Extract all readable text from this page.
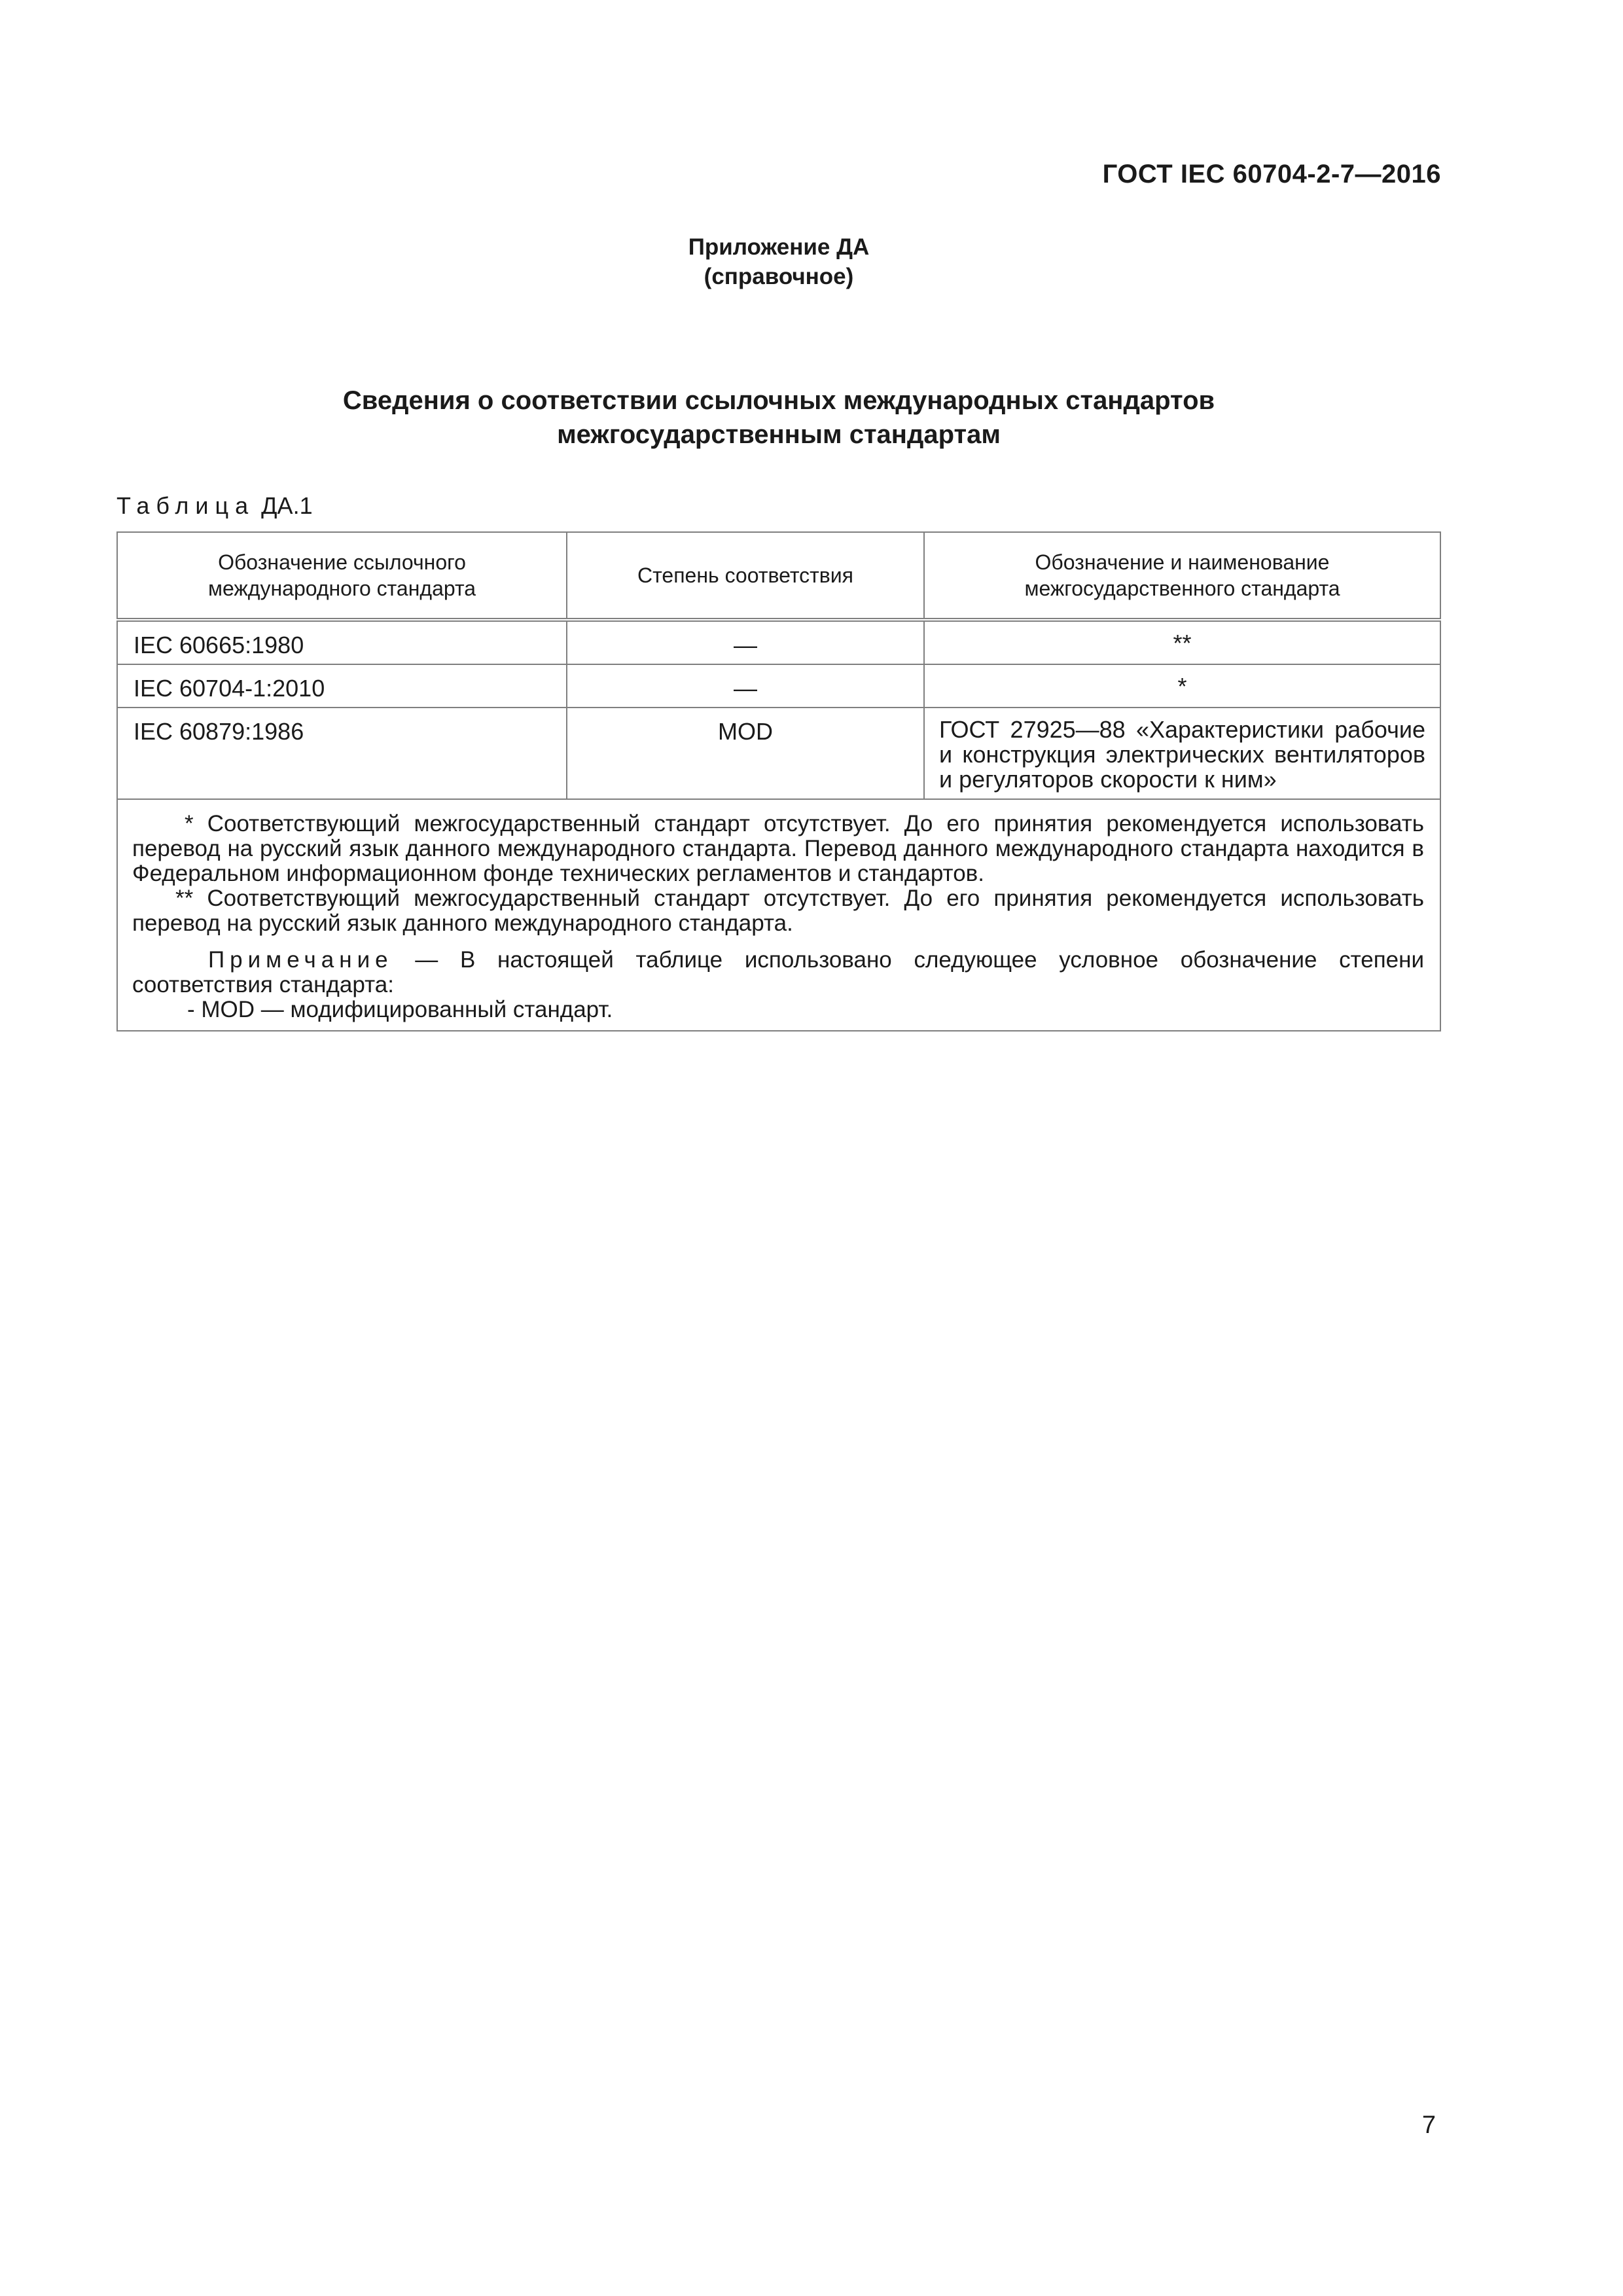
ГОСТ IEC 60704-2-7—2016
Приложение ДА
(справочное)
Сведения о соответствии ссылочных международных стандартов
межгосударственным стандартам
Таблица ДА.1
Обозначение ссылочного международного стандарта	Степень соответствия	Обозначение и наименование межгосударственного стандарта

IEC 60665:1980	—	**
IEC 60704-1:2010	—	*
IEC 60879:1986	MOD	ГОСТ 27925—88 «Характеристики рабочие и конструкция электрических вентиляторов и регуляторов скорости к ним»

* Соответствующий межгосударственный стандарт отсутствует. До его принятия рекомендуется использовать перевод на русский язык данного международного стандарта. Перевод данного международного стандарта находится в Федеральном информационном фонде технических регламентов и стандартов.

** Соответствующий межгосударственный стандарт отсутствует. До его принятия рекомендуется использовать перевод на русский язык данного международного стандарта.

Примечание — В настоящей таблице использовано следующее условное обозначение степени соответствия стандарта:

- MOD — модифицированный стандарт.		
7
